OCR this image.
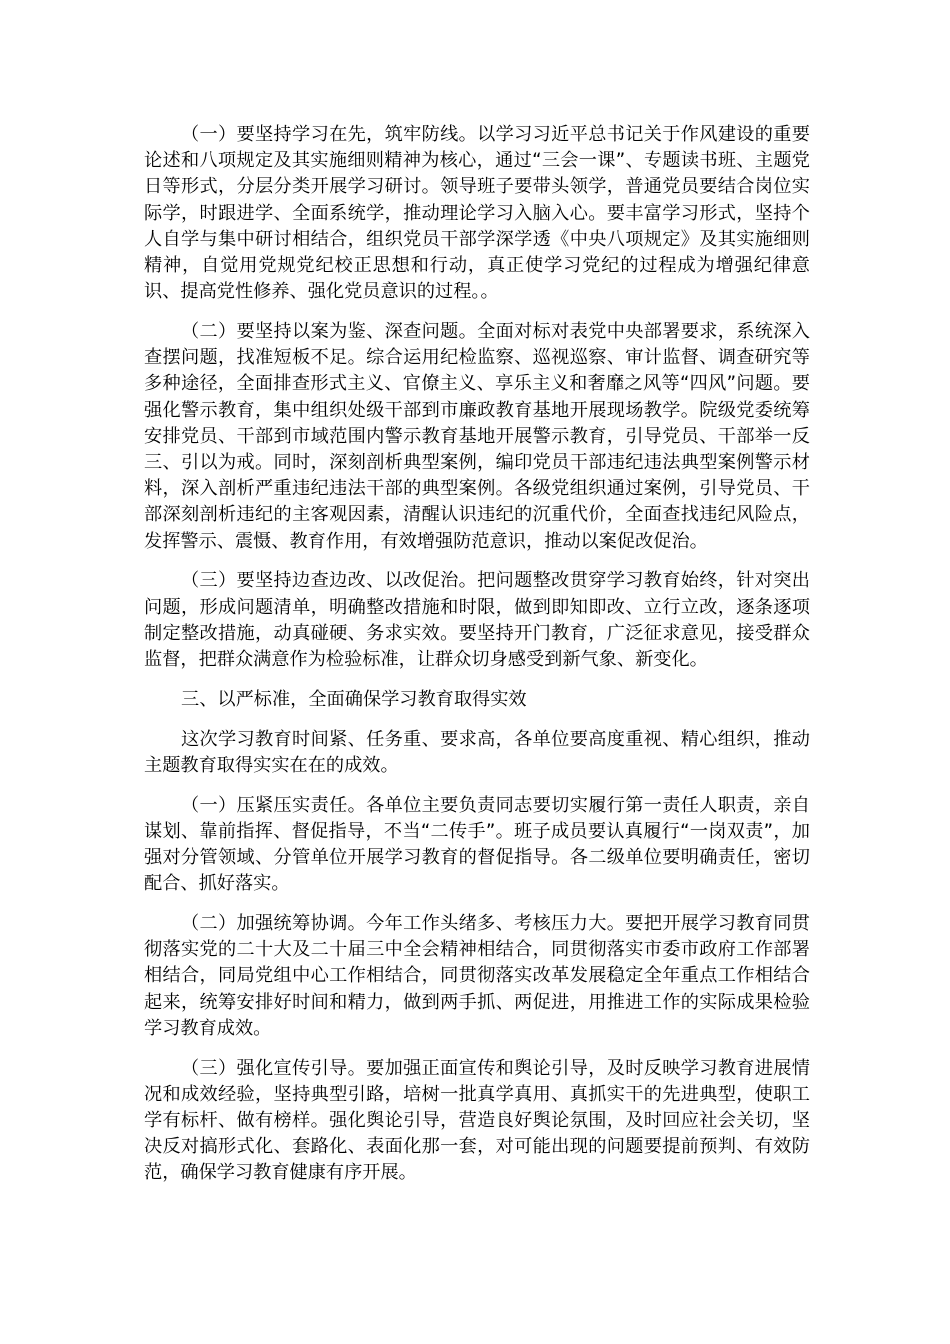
（一）要坚持学习在先，筑牢防线。以学习习近平总书记关于作风建设的重要论述和八项规定及其实施细则精神为核心，通过“三会一课”、专题读书班、主题党日等形式，分层分类开展学习研讨。领导班子要带头领学，普通党员要结合岗位实际学，时跟进学、全面系统学，推动理论学习入脑入心。要丰富学习形式，坚持个人自学与集中研讨相结合，组织党员干部学深学透《中央八项规定》及其实施细则精神，自觉用党规党纪校正思想和行动，真正使学习党纪的过程成为增强纪律意识、提高党性修养、强化党员意识的过程。。

（二）要坚持以案为鉴、深查问题。全面对标对表党中央部署要求，系统深入查摆问题，找准短板不足。综合运用纪检监察、巡视巡察、审计监督、调查研究等多种途径，全面排查形式主义、官僚主义、享乐主义和奢靡之风等“四风”问题。要强化警示教育，集中组织处级干部到市廉政教育基地开展现场教学。院级党委统筹安排党员、干部到市域范围内警示教育基地开展警示教育，引导党员、干部举一反三、引以为戒。同时，深刻剖析典型案例，编印党员干部违纪违法典型案例警示材料，深入剖析严重违纪违法干部的典型案例。各级党组织通过案例，引导党员、干部深刻剖析违纪的主客观因素，清醒认识违纪的沉重代价，全面查找违纪风险点，发挥警示、震慑、教育作用，有效增强防范意识，推动以案促改促治。

（三）要坚持边查边改、以改促治。把问题整改贯穿学习教育始终，针对突出问题，形成问题清单，明确整改措施和时限，做到即知即改、立行立改，逐条逐项制定整改措施，动真碰硬、务求实效。要坚持开门教育，广泛征求意见，接受群众监督，把群众满意作为检验标准，让群众切身感受到新气象、新变化。

三、以严标准，全面确保学习教育取得实效

这次学习教育时间紧、任务重、要求高，各单位要高度重视、精心组织，推动主题教育取得实实在在的成效。

（一）压紧压实责任。各单位主要负责同志要切实履行第一责任人职责，亲自谋划、靠前指挥、督促指导，不当“二传手”。班子成员要认真履行“一岗双责”，加强对分管领域、分管单位开展学习教育的督促指导。各二级单位要明确责任，密切配合、抓好落实。

（二）加强统筹协调。今年工作头绪多、考核压力大。要把开展学习教育同贯彻落实党的二十大及二十届三中全会精神相结合，同贯彻落实市委市政府工作部署相结合，同局党组中心工作相结合，同贯彻落实改革发展稳定全年重点工作相结合起来，统筹安排好时间和精力，做到两手抓、两促进，用推进工作的实际成果检验学习教育成效。

（三）强化宣传引导。要加强正面宣传和舆论引导，及时反映学习教育进展情况和成效经验，坚持典型引路，培树一批真学真用、真抓实干的先进典型，使职工学有标杆、做有榜样。强化舆论引导，营造良好舆论氛围，及时回应社会关切，坚决反对搞形式化、套路化、表面化那一套，对可能出现的问题要提前预判、有效防范，确保学习教育健康有序开展。
